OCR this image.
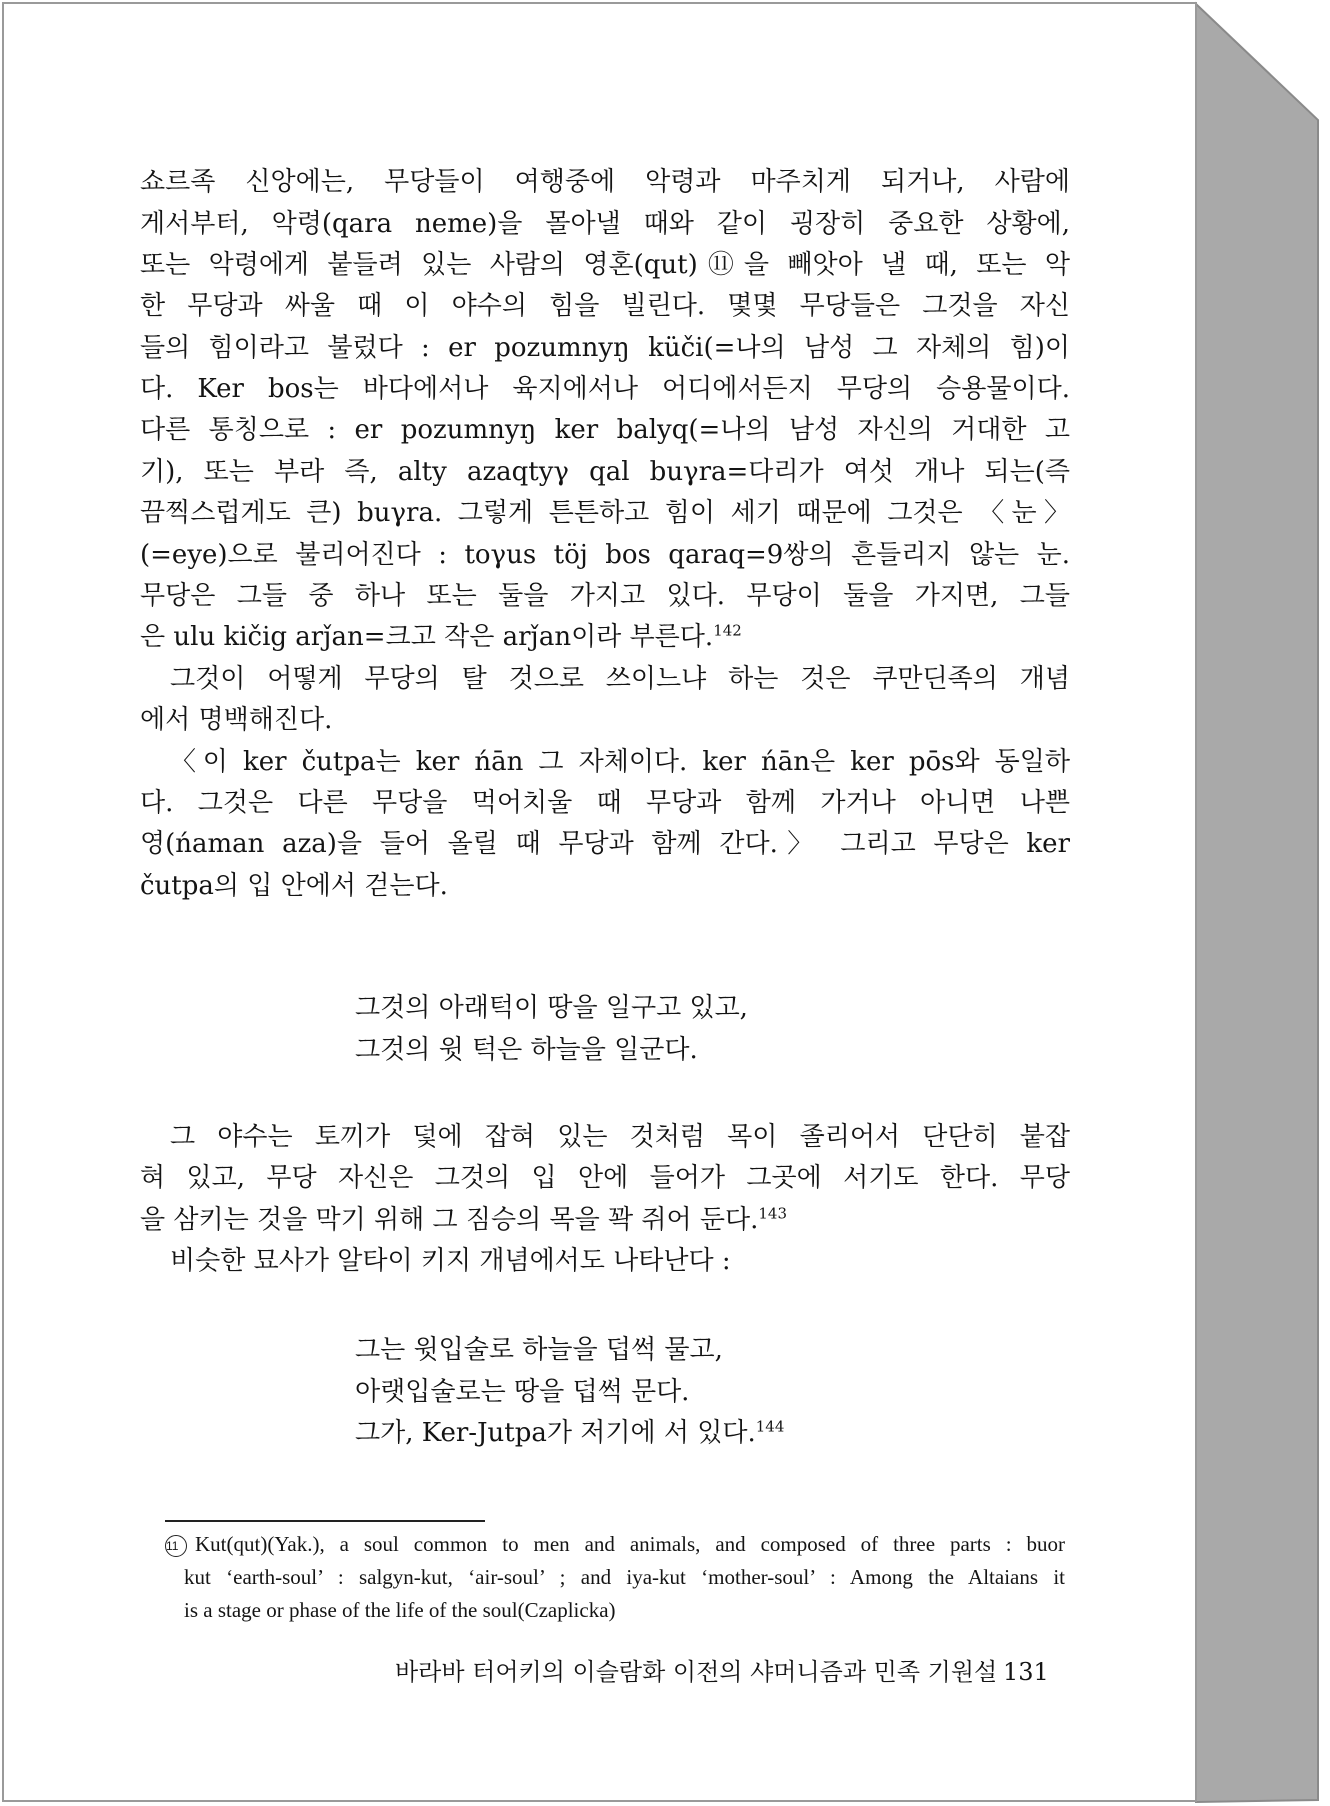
쇼르족 신앙에는, 무당들이 여행중에 악령과 마주치게 되거나, 사람에
게서부터, 악령(qara neme)을 몰아낼 때와 같이 굉장히 중요한 상황에,
또는 악령에게 붙들려 있는 사람의 영혼(qut)⑪을 빼앗아 낼 때, 또는 악
한 무당과 싸울 때 이 야수의 힘을 빌린다. 몇몇 무당들은 그것을 자신
들의 힘이라고 불렀다 : er pozumnyŋ küči(=나의 남성 그 자체의 힘)이
다. Ker bos는 바다에서나 육지에서나 어디에서든지 무당의 승용물이다.
다른 통칭으로 : er pozumnyŋ ker balyq(=나의 남성 자신의 거대한 고
기), 또는 부라 즉, alty azaqtyγ qal buγra=다리가 여섯 개나 되는(즉
끔찍스럽게도 큰) buγra. 그렇게 튼튼하고 힘이 세기 때문에 그것은 〈눈〉
(=eye)으로 불리어진다 : toγus töj bos qaraq=9쌍의 흔들리지 않는 눈.
무당은 그들 중 하나 또는 둘을 가지고 있다. 무당이 둘을 가지면, 그들
은 ulu kičig arǰan=크고 작은 arǰan이라 부른다.$^{142}$
그것이 어떻게 무당의 탈 것으로 쓰이느냐 하는 것은 쿠만딘족의 개념
에서 명백해진다.
〈이 ker čutpa는 ker ńān 그 자체이다. ker ńān은 ker pōs와 동일하
다. 그것은 다른 무당을 먹어치울 때 무당과 함께 가거나 아니면 나쁜
영(ńaman aza)을 들어 올릴 때 무당과 함께 간다.〉 그리고 무당은 ker
čutpa의 입 안에서 걷는다.
그것의 아래턱이 땅을 일구고 있고,
그것의 윗 턱은 하늘을 일군다.
그 야수는 토끼가 덫에 잡혀 있는 것처럼 목이 졸리어서 단단히 붙잡
혀 있고, 무당 자신은 그것의 입 안에 들어가 그곳에 서기도 한다. 무당
을 삼키는 것을 막기 위해 그 짐승의 목을 꽉 쥐어 둔다.$^{143}$
비슷한 묘사가 알타이 키지 개념에서도 나타난다 :
그는 윗입술로 하늘을 덥썩 물고,
아랫입술로는 땅을 덥썩 문다.
그가, Ker-Jutpa가 저기에 서 있다.$^{144}$
11 Kut(qut)(Yak.), a soul common to men and animals, and composed of three parts : buor
kut ‘earth-soul’ : salgyn-kut, ‘air-soul’ ; and iya-kut ‘mother-soul’ : Among the Altaians it
is a stage or phase of the life of the soul(Czaplicka)
바라바 터어키의 이슬람화 이전의 샤머니즘과 민족 기원설 131
